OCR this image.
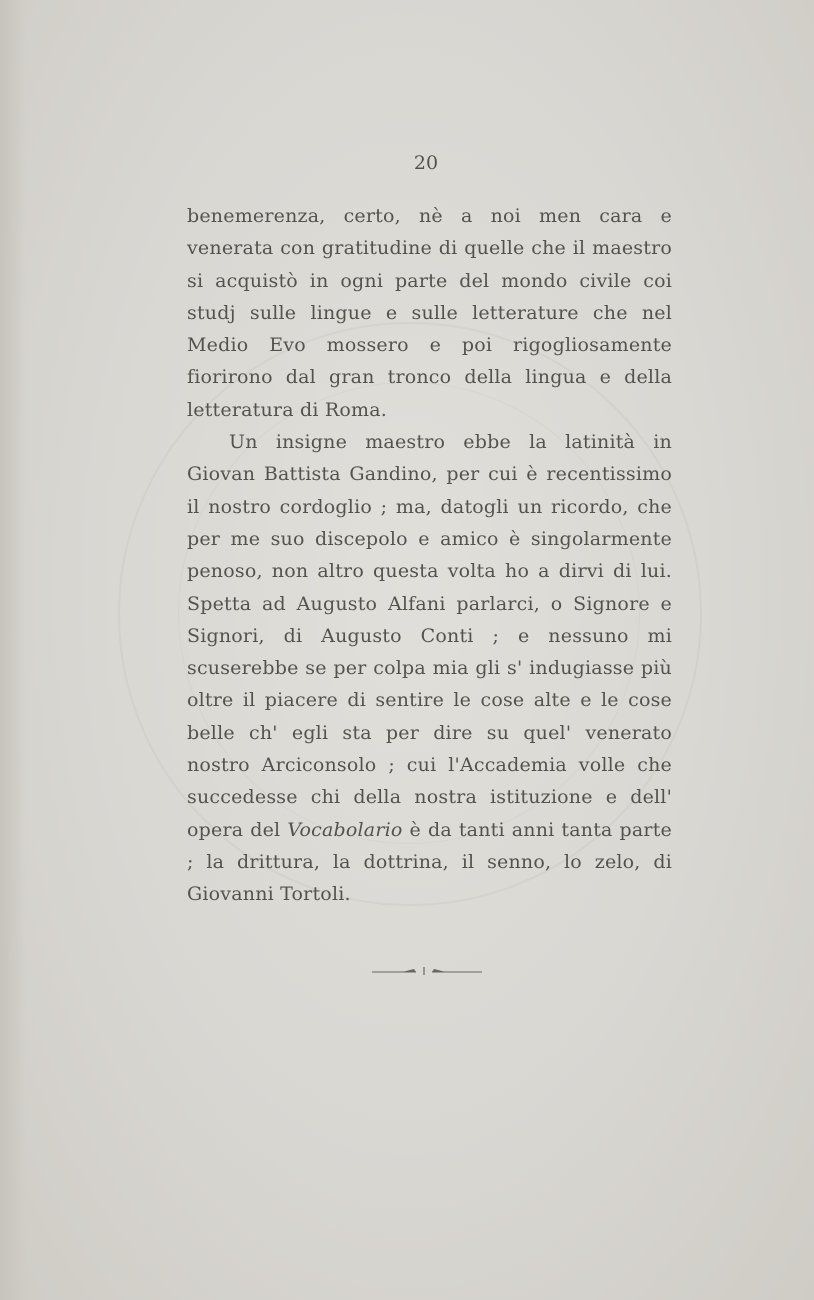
20

benemerenza, certo, nè a noi men cara e venerata con gratitudine di quelle che il maestro si acquistò in ogni parte del mondo civile coi studj sulle lingue e sulle letterature che nel Medio Evo mossero e poi rigogliosamente fiorirono dal gran tronco della lingua e della letteratura di Roma.

Un insigne maestro ebbe la latinità in Giovan Battista Gandino, per cui è recentissimo il nostro cordoglio ; ma, datogli un ricordo, che per me suo discepolo e amico è singolarmente penoso, non altro questa volta ho a dirvi di lui. Spetta ad Augusto Alfani parlarci, o Signore e Signori, di Augusto Conti ; e nessuno mi scuserebbe se per colpa mia gli s' indugiasse più oltre il piacere di sentire le cose alte e le cose belle ch' egli sta per dire su quel' venerato nostro Arciconsolo ; cui l'Accademia volle che succedesse chi della nostra istituzione e dell' opera del Vocabolario è da tanti anni tanta parte ; la drittura, la dottrina, il senno, lo zelo, di Giovanni Tortoli.
